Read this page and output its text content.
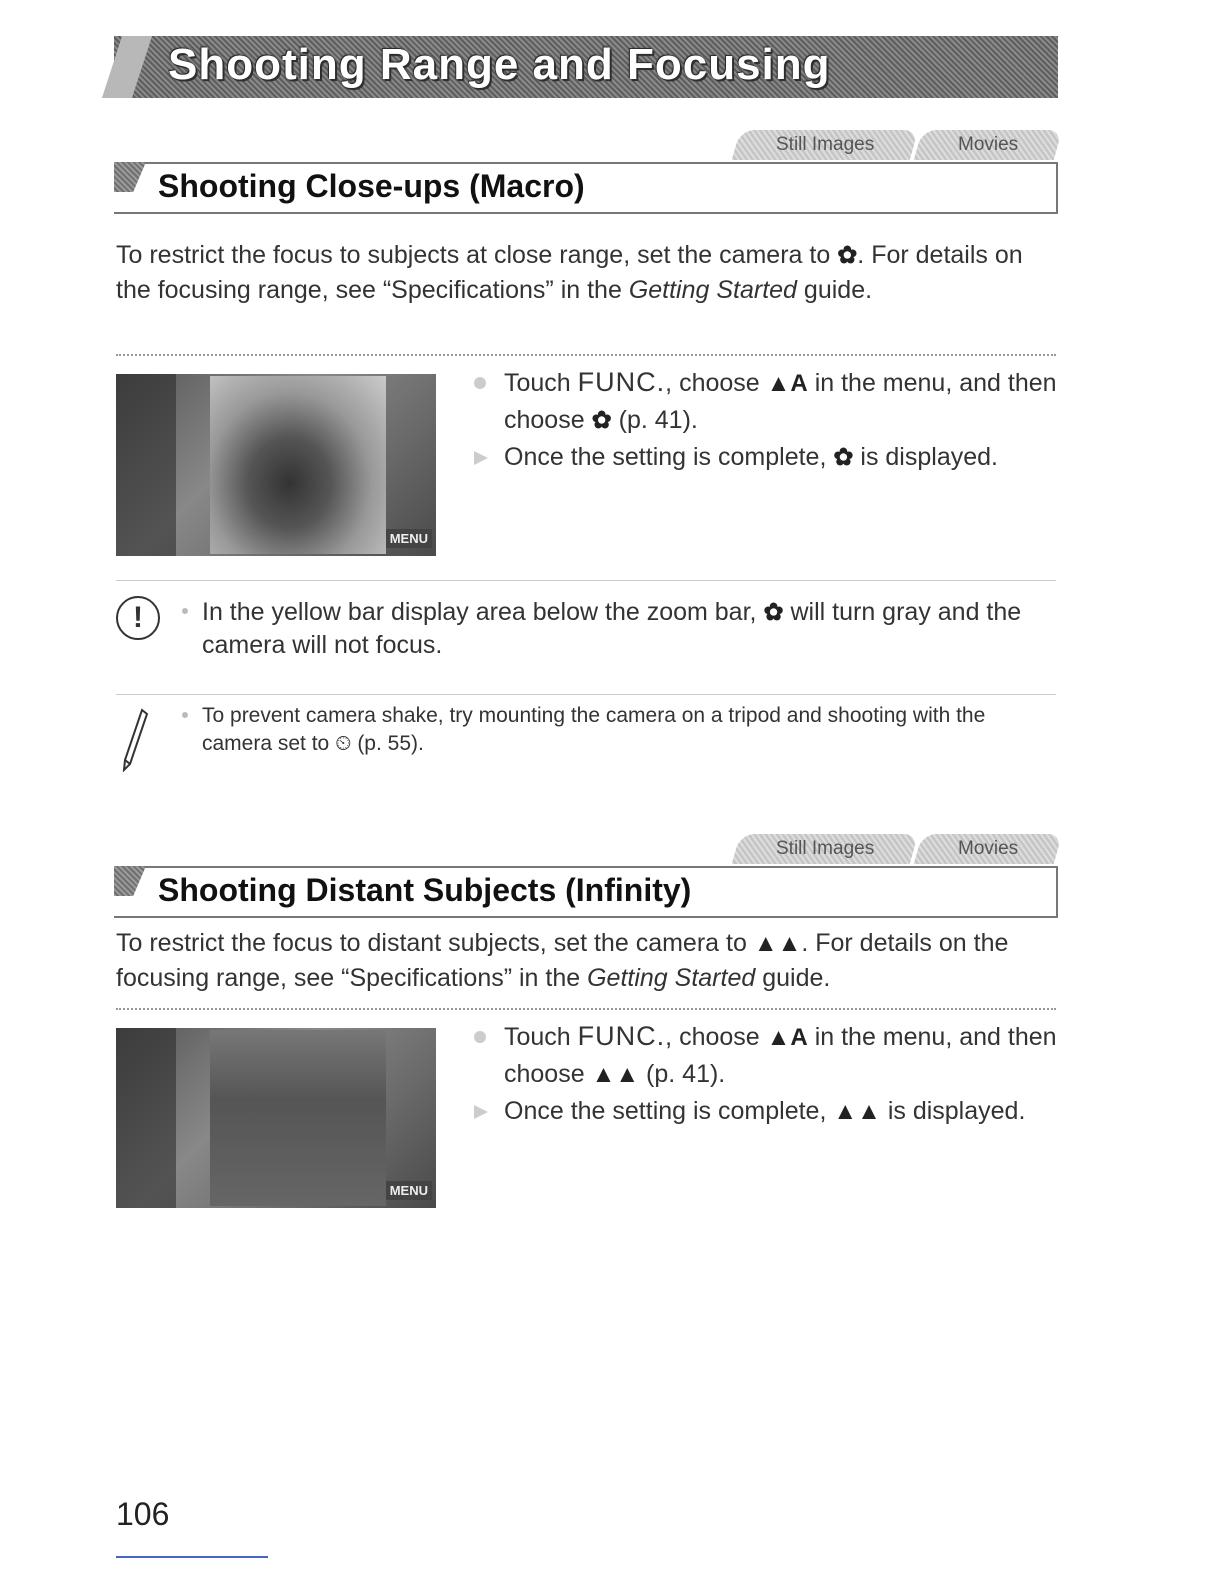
Shooting Range and Focusing
Still Images	Movies
Shooting Close-ups (Macro)
To restrict the focus to subjects at close range, set the camera to ✿. For details on the focusing range, see “Specifications” in the Getting Started guide.
MENU
Touch FUNC., choose ▲A in the menu, and then choose ✿ (p. 41).
Once the setting is complete, ✿ is displayed.
!	In the yellow bar display area below the zoom bar, ✿ will turn gray and the camera will not focus.
To prevent camera shake, try mounting the camera on a tripod and shooting with the camera set to ⏲ (p. 55).
Still Images	Movies
Shooting Distant Subjects (Infinity)
To restrict the focus to distant subjects, set the camera to ▲▲. For details on the focusing range, see “Specifications” in the Getting Started guide.
MENU
Touch FUNC., choose ▲A in the menu, and then choose ▲▲ (p. 41).
Once the setting is complete, ▲▲ is displayed.
106
